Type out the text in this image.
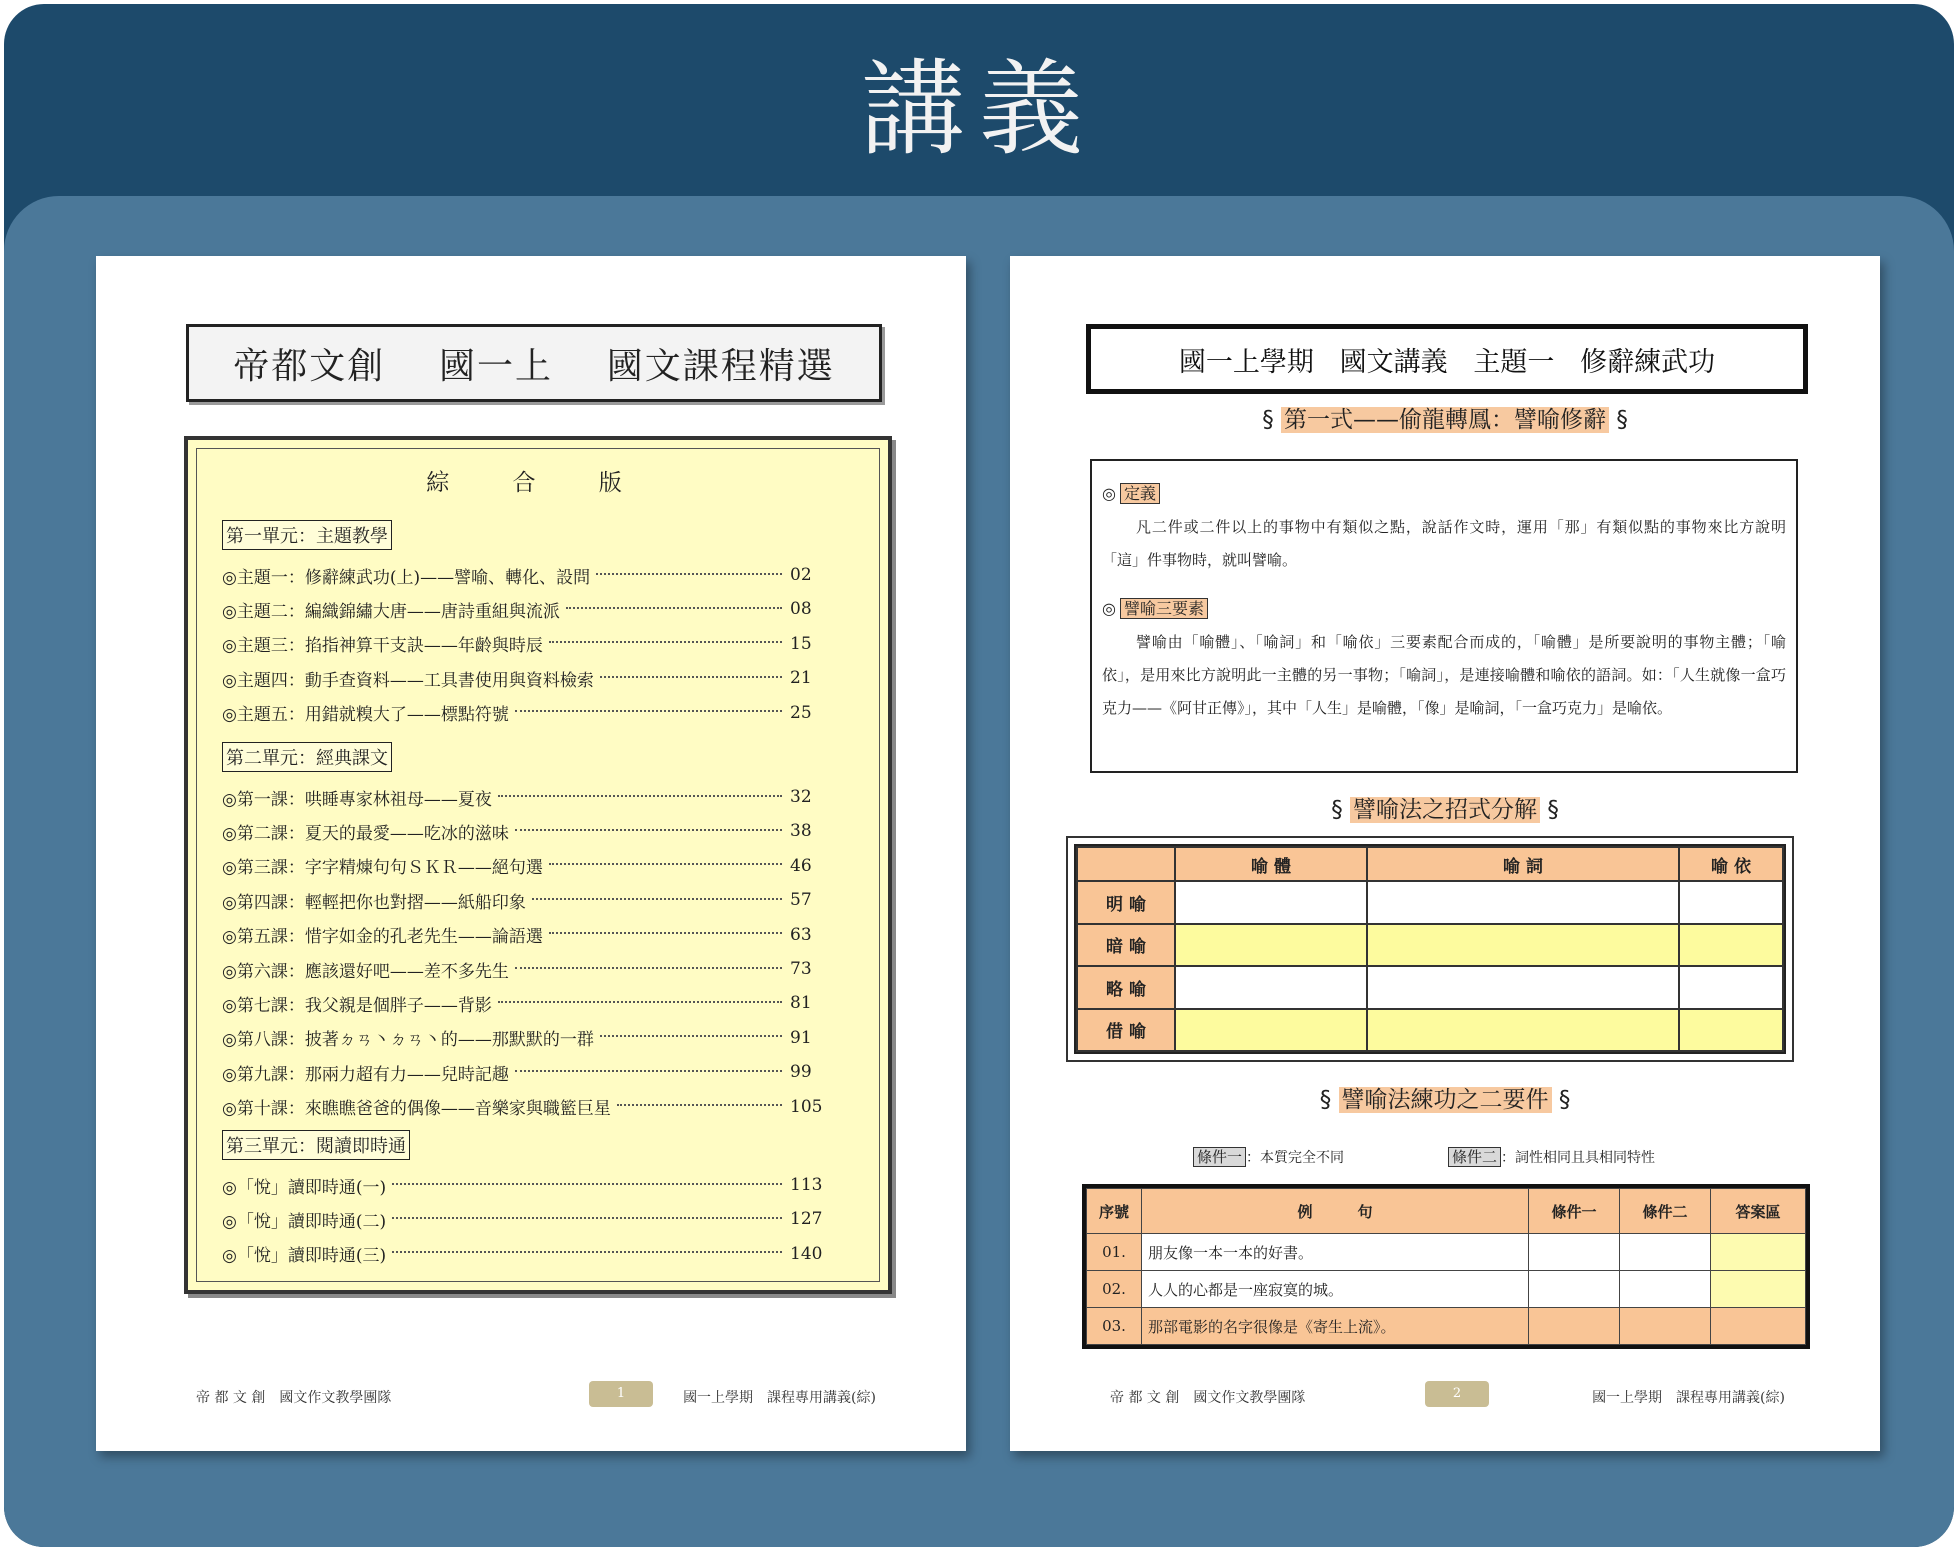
講義
帝都文創
國一上
國文課程精選
綜 合 版
第一單元：主題教學
◎主題一：修辭練武功(上)——譬喻、轉化、設問	02
◎主題二：編織錦繡大唐——唐詩重組與流派	08
◎主題三：掐指神算干支訣——年齡與時辰	15
◎主題四：動手查資料——工具書使用與資料檢索	21
◎主題五：用錯就糗大了——標點符號	25
第二單元：經典課文
◎第一課：哄睡專家林祖母——夏夜	32
◎第二課：夏天的最愛——吃冰的滋味	38
◎第三課：字字精煉句句ＳＫＲ——絕句選	46
◎第四課：輕輕把你也對摺——紙船印象	57
◎第五課：惜字如金的孔老先生——論語選	63
◎第六課：應該還好吧——差不多先生	73
◎第七課：我父親是個胖子——背影	81
◎第八課：披著ㄉㄢ丶ㄉㄢ丶的——那默默的一群	91
◎第九課：那兩力超有力——兒時記趣	99
◎第十課：來瞧瞧爸爸的偶像——音樂家與職籃巨星	105
第三單元：閱讀即時通
◎「悅」讀即時通(一)	113
◎「悅」讀即時通(二)	127
◎「悅」讀即時通(三)	140
帝 都 文 創　國文作文教學團隊	1	國一上學期　課程專用講義(綜)
國一上學期
國文講義
主題一
修辭練武功
§ 第一式——偷龍轉鳳：譬喻修辭 §
◎ 定義
凡二件或二件以上的事物中有類似之點，說話作文時，運用「那」有類似點的事物來比方說明「這」件事物時，就叫譬喻。
◎ 譬喻三要素
譬喻由「喻體」、「喻詞」和「喻依」三要素配合而成的，「喻體」是所要說明的事物主體；「喻依」，是用來比方說明此一主體的另一事物；「喻詞」，是連接喻體和喻依的語詞。如：「人生就像一盒巧克力——《阿甘正傳》」，其中「人生」是喻體，「像」是喻詞，「一盒巧克力」是喻依。
§ 譬喻法之招式分解 §
	喻 體	喻 詞	喻 依
明 喻			
暗 喻			
略 喻			
借 喻			
§ 譬喻法練功之二要件 §
條件一 ：本質完全不同	條件二 ：詞性相同且具相同特性
序號	例　　　句	條件一	條件二	答案區
01.	朋友像一本一本的好書。			
02.	人人的心都是一座寂寞的城。			
03.	那部電影的名字很像是《寄生上流》。			
帝 都 文 創　國文作文教學團隊	2	國一上學期　課程專用講義(綜)
